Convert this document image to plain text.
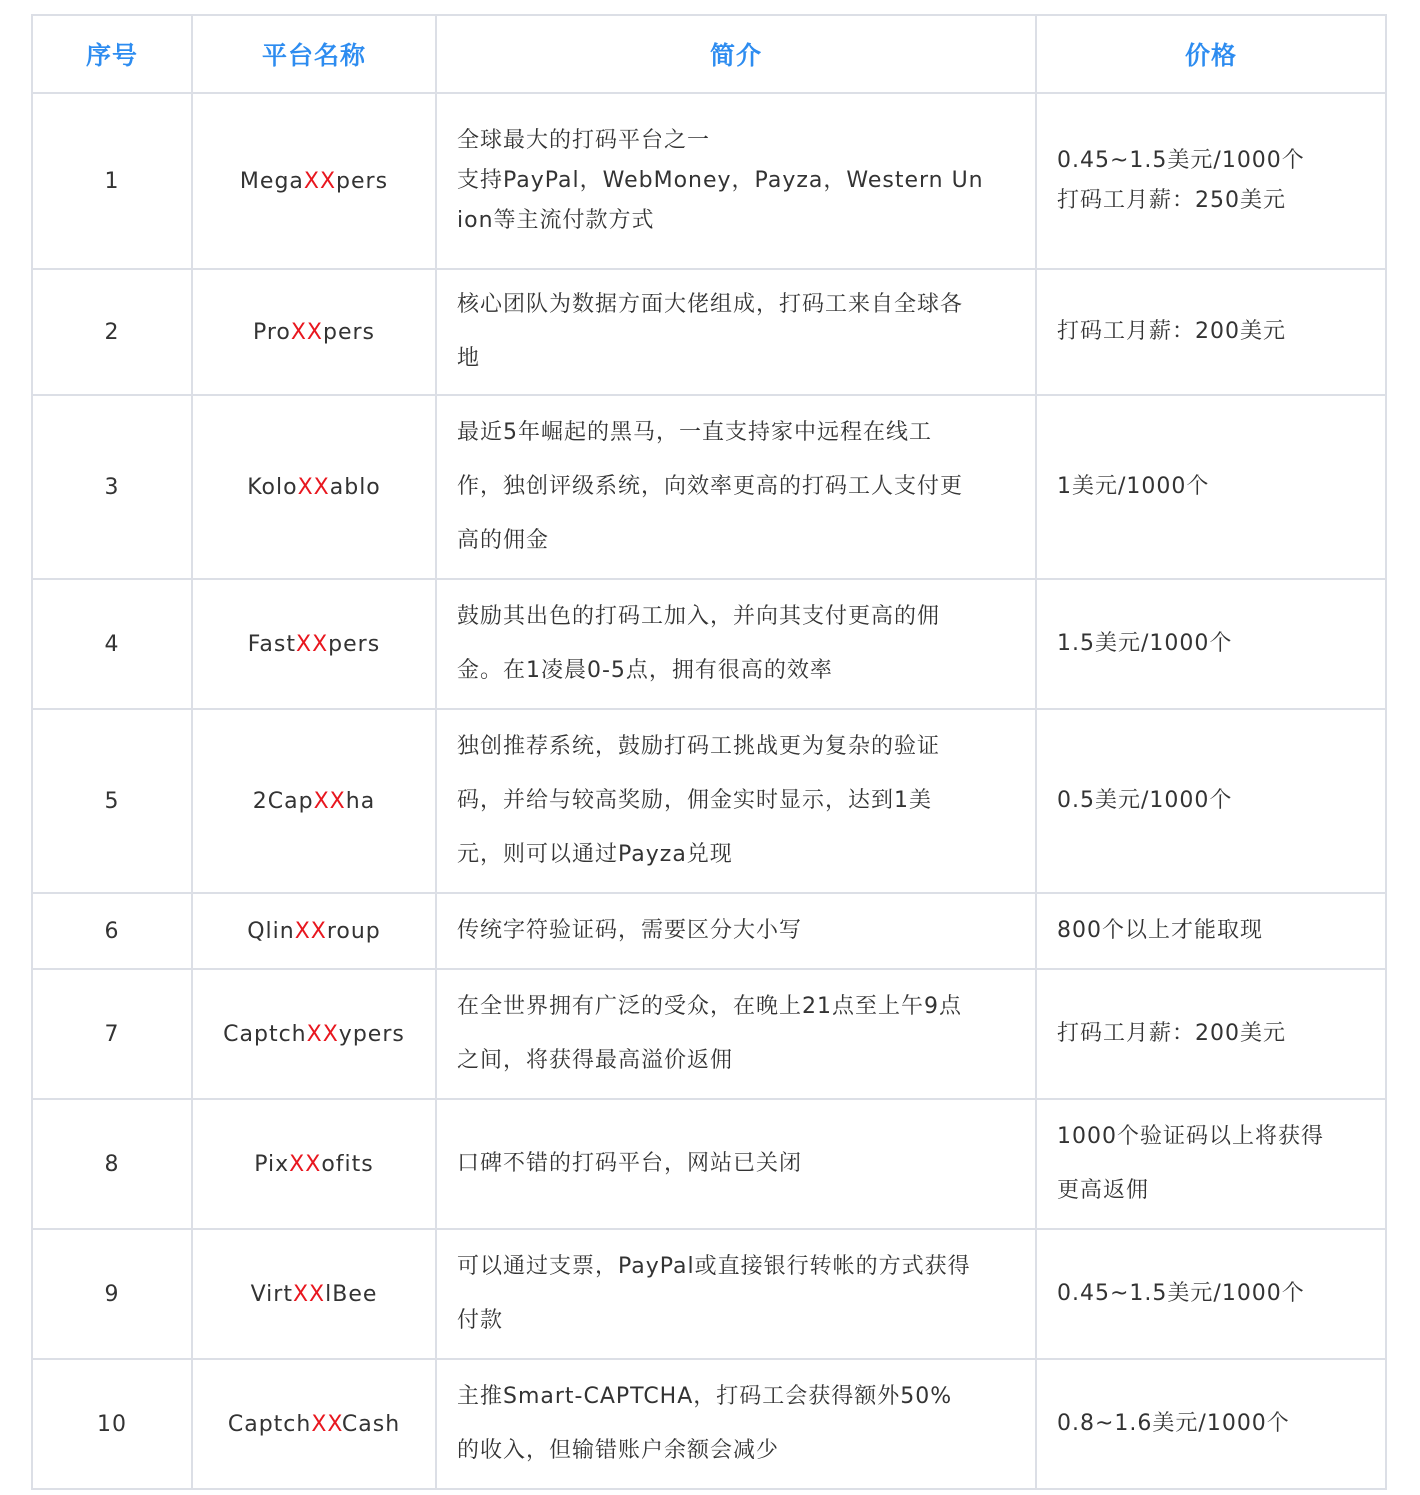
序号	平台名称	简介	价格
1	MegaXXpers	全球最大的打码平台之一
支持PayPal，WebMoney，Payza，Western Un
ion等主流付款方式	0.45~1.5美元/1000个
打码工月薪：250美元

2	ProXXpers	核心团队为数据方面大佬组成，打码工来自全球各
地	打码工月薪：200美元

3	KoloXXablo	最近5年崛起的黑马，一直支持家中远程在线工
作，独创评级系统，向效率更高的打码工人支付更
高的佣金	1美元/1000个

4	FastXXpers	鼓励其出色的打码工加入，并向其支付更高的佣
金。在1凌晨0-5点，拥有很高的效率	1.5美元/1000个

5	2CapXXha	独创推荐系统，鼓励打码工挑战更为复杂的验证
码，并给与较高奖励，佣金实时显示，达到1美
元，则可以通过Payza兑现	0.5美元/1000个

6	QlinXXroup	传统字符验证码，需要区分大小写	800个以上才能取现

7	CaptchXXypers	在全世界拥有广泛的受众，在晚上21点至上午9点
之间，将获得最高溢价返佣	打码工月薪：200美元

8	PixXXofits	口碑不错的打码平台，网站已关闭	1000个验证码以上将获得
更高返佣

9	VirtXXlBee	可以通过支票，PayPal或直接银行转帐的方式获得
付款	0.45~1.5美元/1000个

10	CaptchXXCash	主推Smart-CAPTCHA，打码工会获得额外50%
的收入，但输错账户余额会减少	0.8~1.6美元/1000个
